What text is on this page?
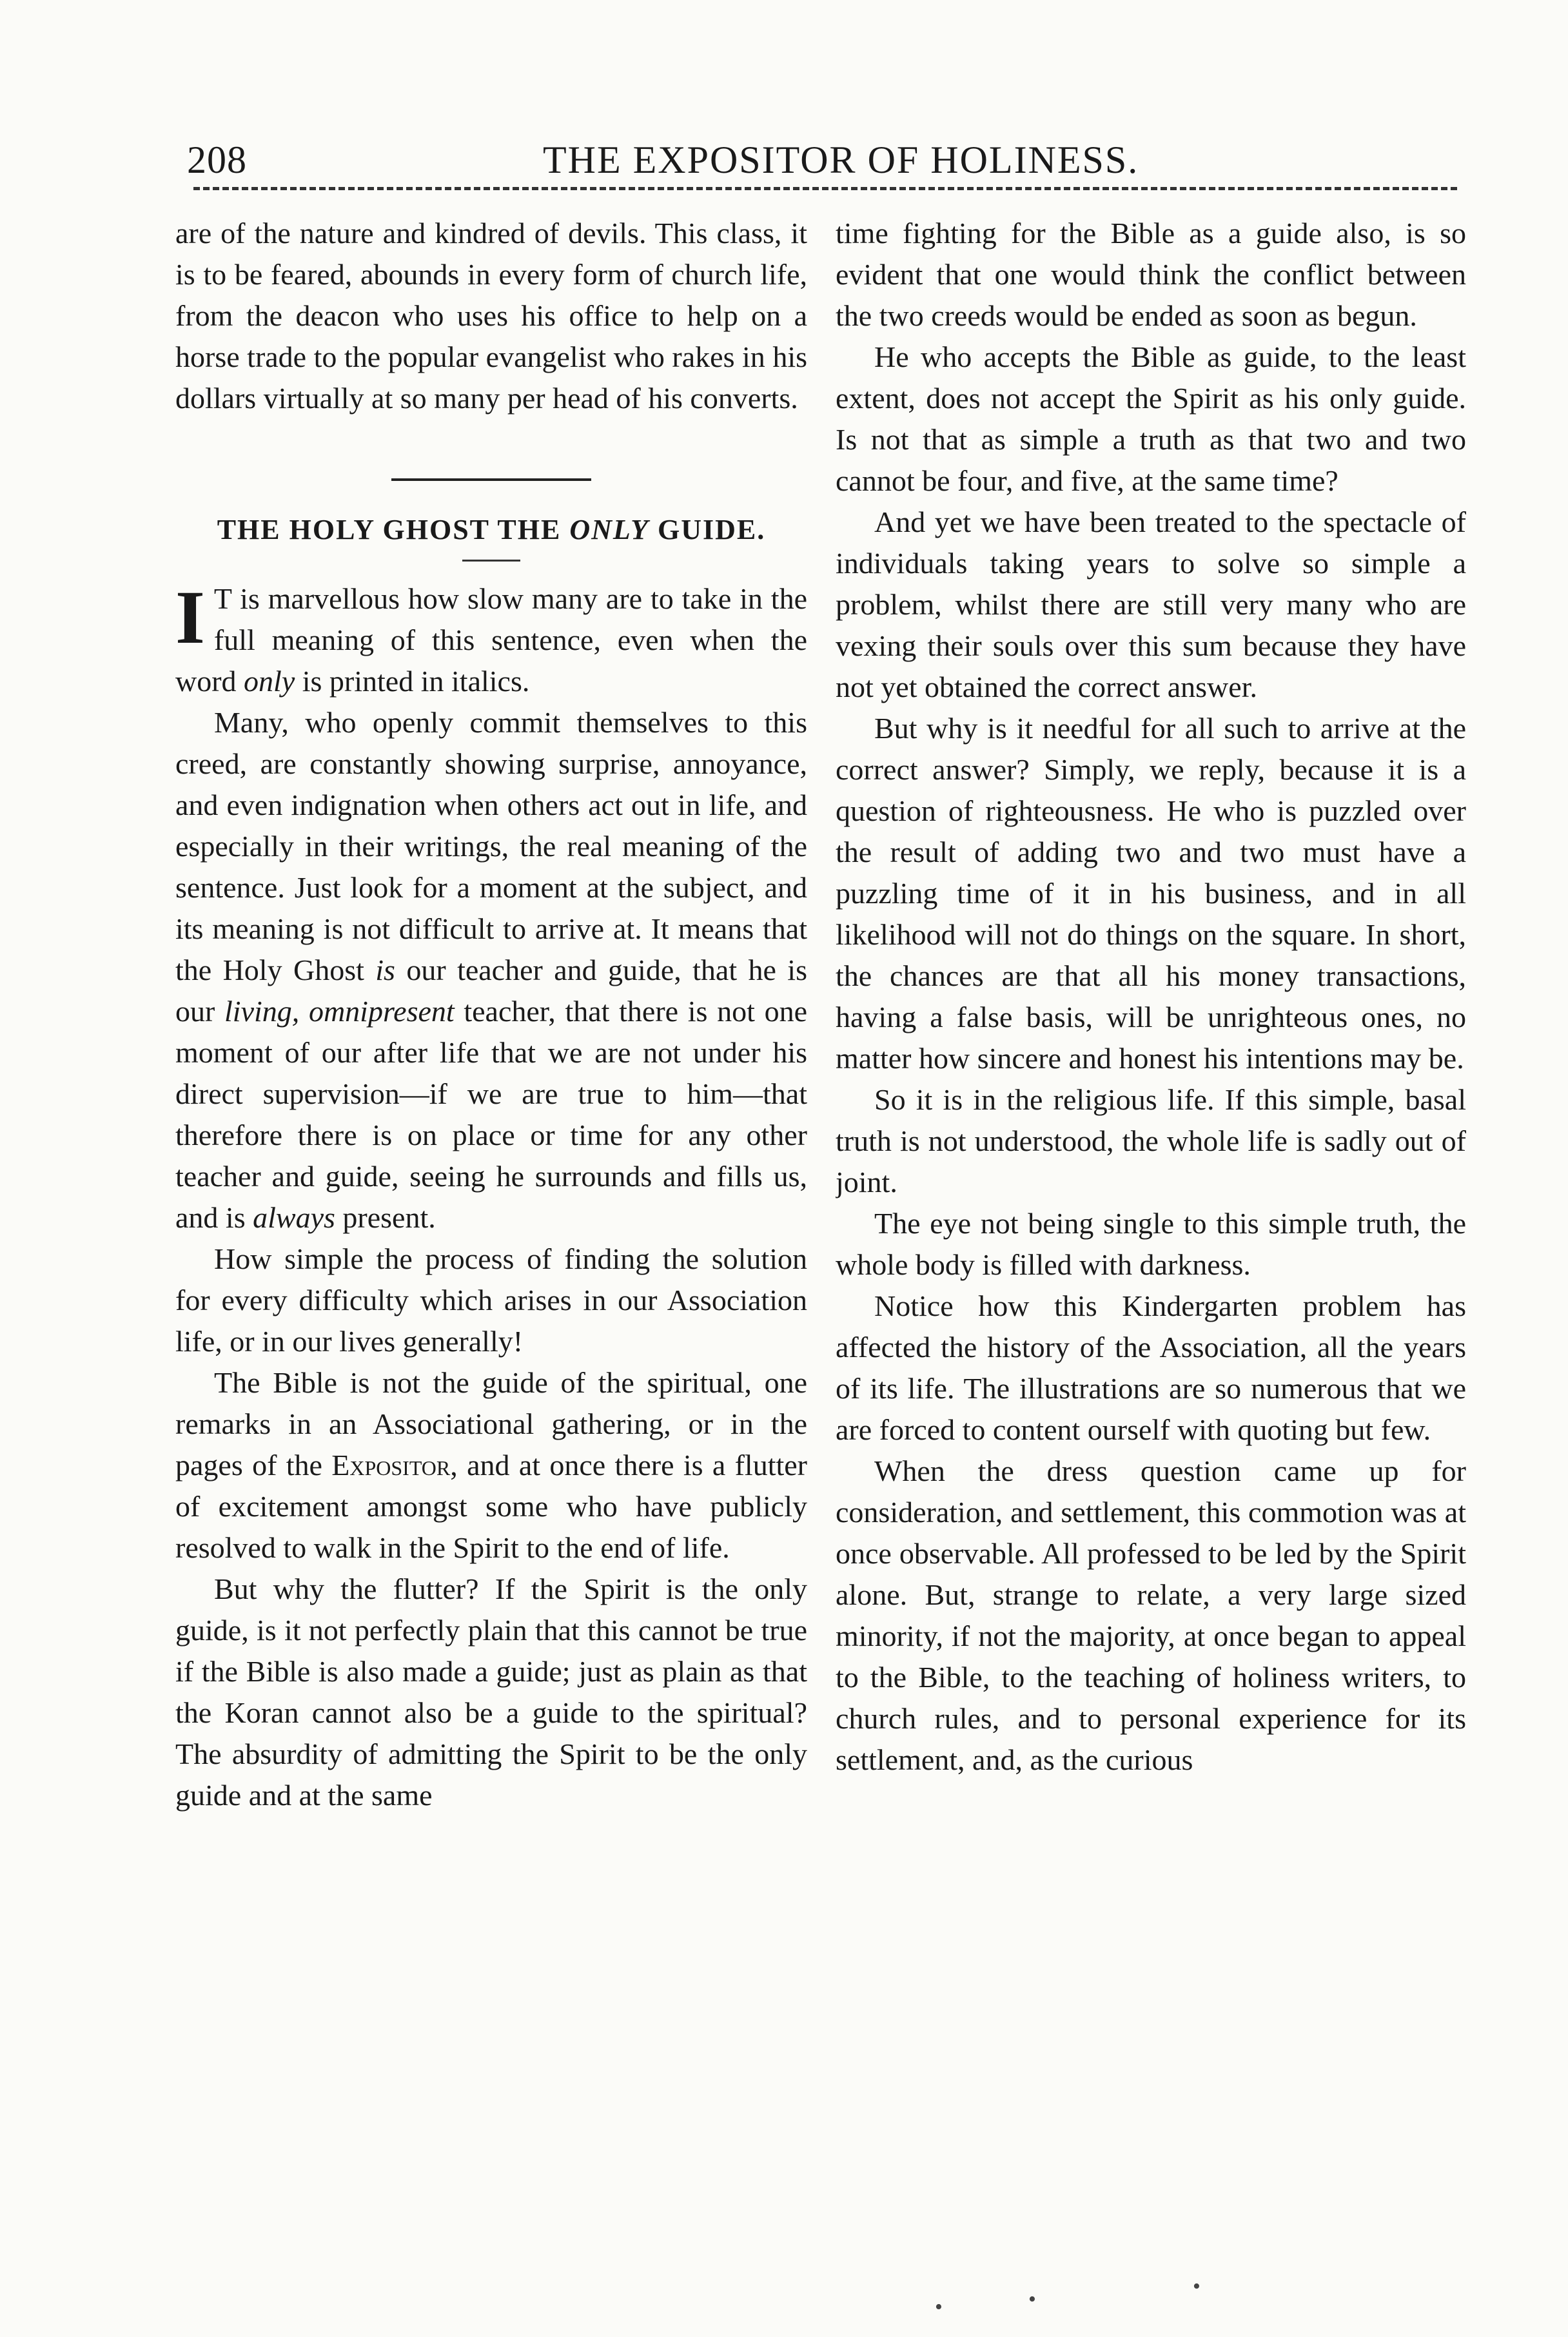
208	THE EXPOSITOR OF HOLINESS.

are of the nature and kindred of devils. This class, it is to be feared, abounds in every form of church life, from the deacon who uses his office to help on a horse trade to the popular evangelist who rakes in his dollars virtually at so many per head of his converts.

THE HOLY GHOST THE ONLY GUIDE.

I T is marvellous how slow many are to take in the full meaning of this sentence, even when the word only is printed in italics.

Many, who openly commit themselves to this creed, are constantly showing surprise, annoyance, and even indignation when others act out in life, and especially in their writings, the real meaning of the sentence. Just look for a moment at the subject, and its meaning is not difficult to arrive at. It means that the Holy Ghost is our teacher and guide, that he is our living, omnipresent teacher, that there is not one moment of our after life that we are not under his direct supervision—if we are true to him—that therefore there is on place or time for any other teacher and guide, seeing he surrounds and fills us, and is always present.

How simple the process of finding the solution for every difficulty which arises in our Association life, or in our lives generally!

The Bible is not the guide of the spiritual, one remarks in an Associational gathering, or in the pages of the Expositor, and at once there is a flutter of excitement amongst some who have publicly resolved to walk in the Spirit to the end of life.

But why the flutter? If the Spirit is the only guide, is it not perfectly plain that this cannot be true if the Bible is also made a guide; just as plain as that the Koran cannot also be a guide to the spiritual? The absurdity of admitting the Spirit to be the only guide and at the same

time fighting for the Bible as a guide also, is so evident that one would think the conflict between the two creeds would be ended as soon as begun.

He who accepts the Bible as guide, to the least extent, does not accept the Spirit as his only guide. Is not that as simple a truth as that two and two cannot be four, and five, at the same time?

And yet we have been treated to the spectacle of individuals taking years to solve so simple a problem, whilst there are still very many who are vexing their souls over this sum because they have not yet obtained the correct answer.

But why is it needful for all such to arrive at the correct answer? Simply, we reply, because it is a question of righteousness. He who is puzzled over the result of adding two and two must have a puzzling time of it in his business, and in all likelihood will not do things on the square. In short, the chances are that all his money transactions, having a false basis, will be unrighteous ones, no matter how sincere and honest his intentions may be.

So it is in the religious life. If this simple, basal truth is not understood, the whole life is sadly out of joint.

The eye not being single to this simple truth, the whole body is filled with darkness.

Notice how this Kindergarten problem has affected the history of the Association, all the years of its life. The illustrations are so numerous that we are forced to content ourself with quoting but few.

When the dress question came up for consideration, and settlement, this commotion was at once observable. All professed to be led by the Spirit alone. But, strange to relate, a very large sized minority, if not the majority, at once began to appeal to the Bible, to the teaching of holiness writers, to church rules, and to personal experience for its settlement, and, as the curious

•	•
•
